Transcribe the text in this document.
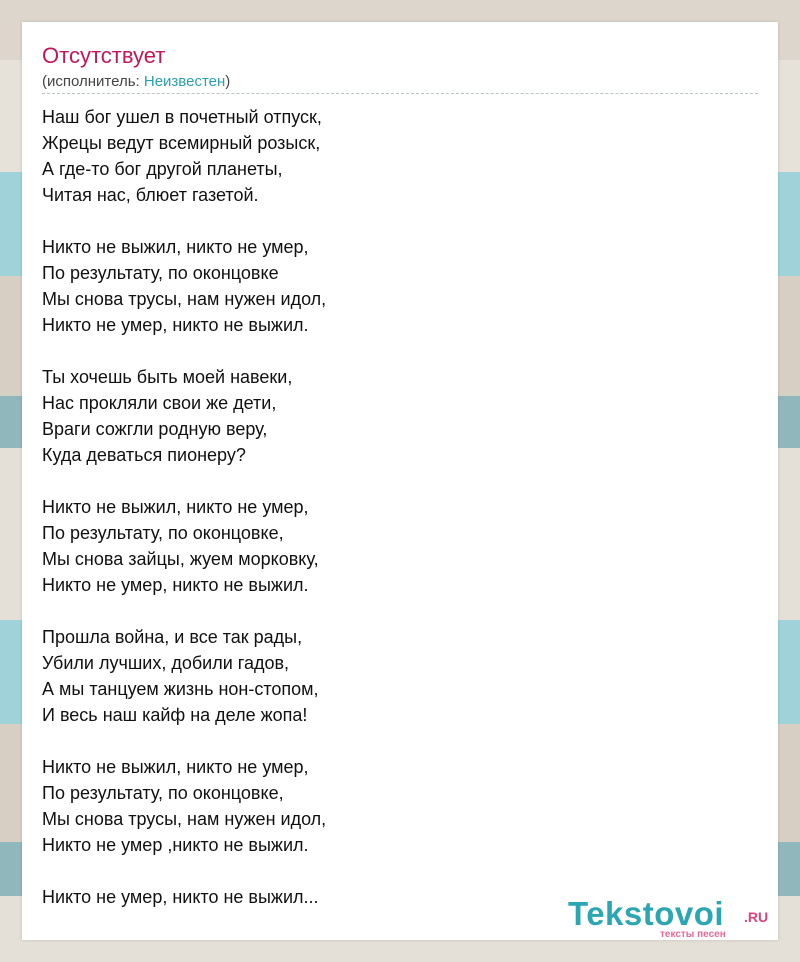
Отсутствует
(исполнитель: Неизвестен)
Наш бог ушел в почетный отпуск,
Жрецы ведут всемирный розыск,
А где-то бог другой планеты,
Читая нас, блюет газетой.
Никто не выжил, никто не умер,
По результату, по оконцовке
Мы снова трусы, нам нужен идол,
Никто не умер, никто не выжил.
Ты хочешь быть моей навеки,
Нас прокляли свои же дети,
Враги сожгли родную веру,
Куда деваться пионеру?
Никто не выжил, никто не умер,
По результату, по оконцовке,
Мы снова зайцы, жуем морковку,
Никто не умер, никто не выжил.
Прошла война, и все так рады,
Убили лучших, добили гадов,
А мы танцуем жизнь нон-стопом,
И весь наш кайф на деле жопа!
Никто не выжил, никто не умер,
По результату, по оконцовке,
Мы снова трусы, нам нужен идол,
Никто не умер ,никто не выжил.
Никто не умер, никто не выжил...	Tekstovoi .RU
тексты песен
